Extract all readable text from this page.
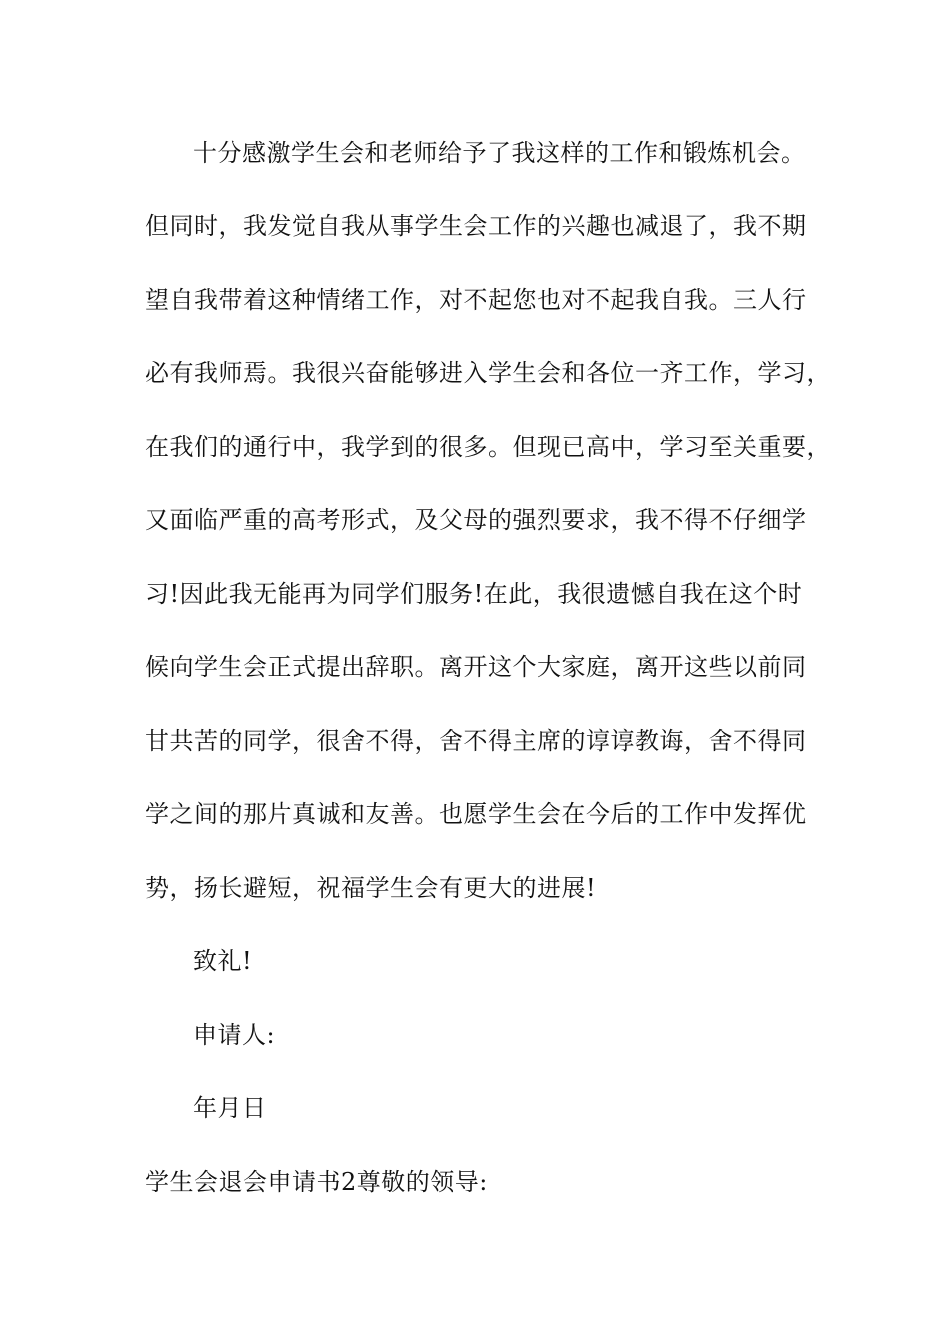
十分感激学生会和老师给予了我这样的工作和锻炼机会。
但同时，我发觉自我从事学生会工作的兴趣也减退了，我不期
望自我带着这种情绪工作，对不起您也对不起我自我。三人行
必有我师焉。我很兴奋能够进入学生会和各位一齐工作，学习，
在我们的通行中，我学到的很多。但现已高中，学习至关重要，
又面临严重的高考形式，及父母的强烈要求，我不得不仔细学
习!因此我无能再为同学们服务!在此，我很遗憾自我在这个时
候向学生会正式提出辞职。离开这个大家庭，离开这些以前同
甘共苦的同学，很舍不得，舍不得主席的谆谆教诲，舍不得同
学之间的那片真诚和友善。也愿学生会在今后的工作中发挥优
势，扬长避短，祝福学生会有更大的进展!
致礼!
申请人:
年月日
学生会退会申请书2尊敬的领导:
